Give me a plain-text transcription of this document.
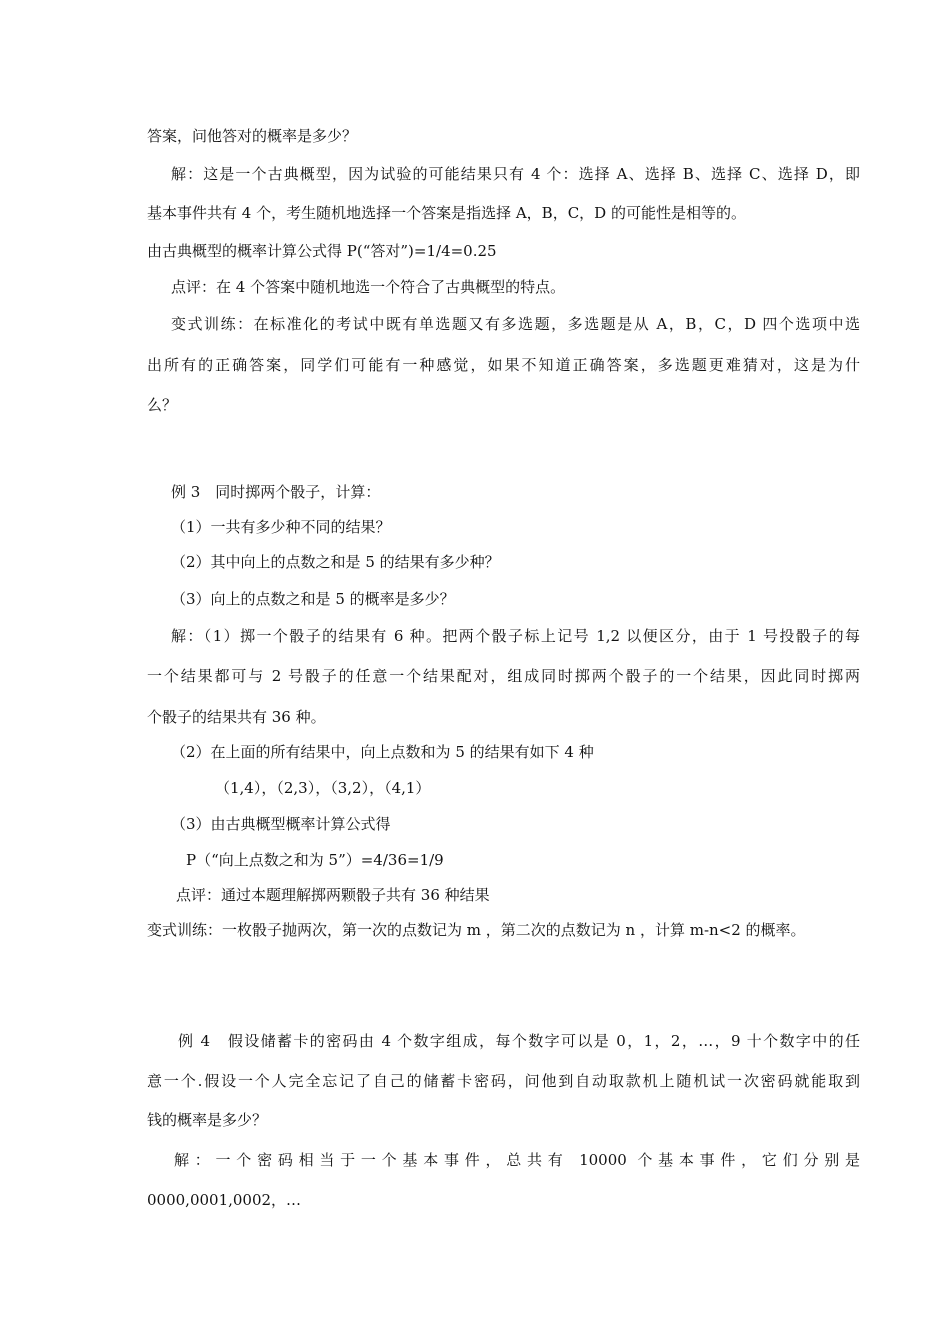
答案，问他答对的概率是多少？

解：这是一个古典概型，因为试验的可能结果只有 4 个：选择 A、选择 B、选择 C、选择 D，即

基本事件共有 4 个，考生随机地选择一个答案是指选择 A，B，C，D 的可能性是相等的。

由古典概型的概率计算公式得 P(“答对”)=1/4=0.25

点评：在 4 个答案中随机地选一个符合了古典概型的特点。

变式训练：在标准化的考试中既有单选题又有多选题，多选题是从 A，B，C，D 四个选项中选

出所有的正确答案，同学们可能有一种感觉，如果不知道正确答案，多选题更难猜对，这是为什

么？

例 3　同时掷两个骰子，计算：

（1）一共有多少种不同的结果？

（2）其中向上的点数之和是 5 的结果有多少种？

（3）向上的点数之和是 5 的概率是多少？

解：（1）掷一个骰子的结果有 6 种。把两个骰子标上记号 1,2 以便区分，由于 1 号投骰子的每

一个结果都可与 2 号骰子的任意一个结果配对，组成同时掷两个骰子的一个结果，因此同时掷两

个骰子的结果共有 36 种。

（2）在上面的所有结果中，向上点数和为 5 的结果有如下 4 种

（1,4），（2,3），（3,2），（4,1）

（3）由古典概型概率计算公式得

P（“向上点数之和为 5”）=4/36=1/9

点评：通过本题理解掷两颗骰子共有 36 种结果

变式训练：一枚骰子抛两次，第一次的点数记为 m ，第二次的点数记为 n ，计算 m-n<2 的概率。

例 4　假设储蓄卡的密码由 4 个数字组成，每个数字可以是 0，1，2，…，9 十个数字中的任

意一个.假设一个人完全忘记了自己的储蓄卡密码，问他到自动取款机上随机试一次密码就能取到

钱的概率是多少？

解：一个密码相当于一个基本事件，总共有 10000 个基本事件，它们分别是

0000,0001,0002，…
